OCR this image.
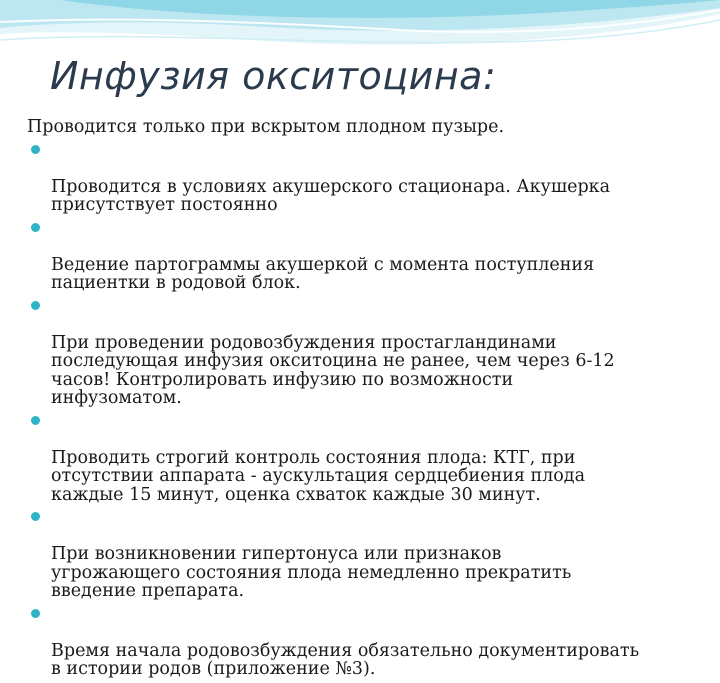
Инфузия окситоцина:

Проводится только при вскрытом плодном пузыре.

Проводится в условиях акушерского стационара. Акушерка
присутствует постоянно

Ведение партограммы акушеркой с момента поступления
пациентки в родовой блок.

При проведении родовозбуждения простагландинами
последующая инфузия окситоцина не ранее, чем через 6-12
часов! Контролировать инфузию по возможности
инфузоматом.

Проводить строгий контроль состояния плода: КТГ, при
отсутствии аппарата - аускультация сердцебиения плода
каждые 15 минут, оценка схваток каждые 30 минут.

При возникновении гипертонуса или признаков
угрожающего состояния плода немедленно прекратить
введение препарата.

Время начала родовозбуждения обязательно документировать
в истории родов (приложение №3).
